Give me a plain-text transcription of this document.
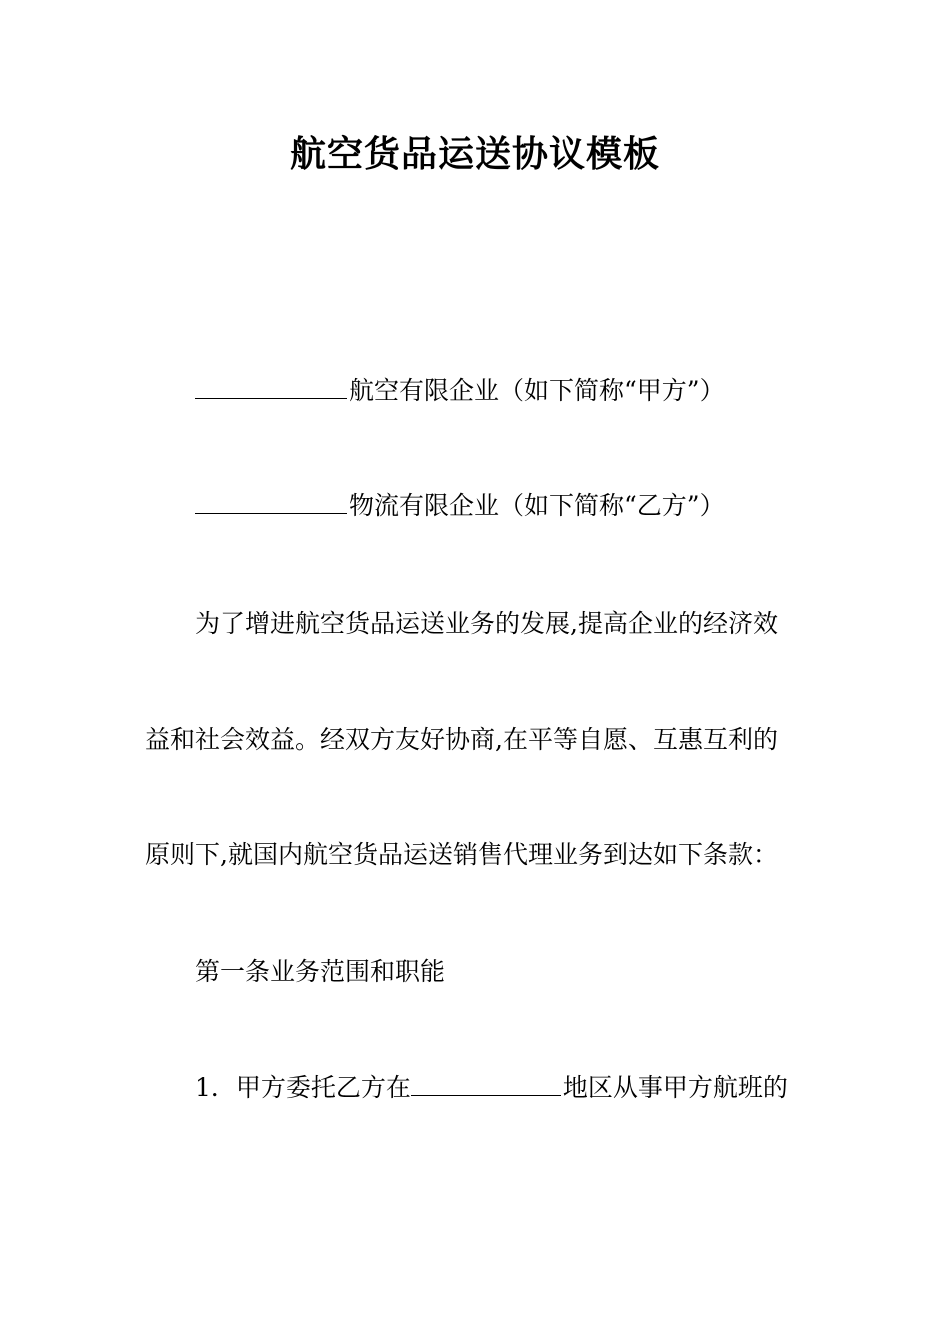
航空货品运送协议模板
航空有限企业（如下简称“甲方”）
物流有限企业（如下简称“乙方”）
为了增进航空货品运送业务的发展,提高企业的经济效
益和社会效益。经双方友好协商,在平等自愿、互惠互利的
原则下,就国内航空货品运送销售代理业务到达如下条款：
第一条业务范围和职能
1．甲方委托乙方在	地区从事甲方航班的
